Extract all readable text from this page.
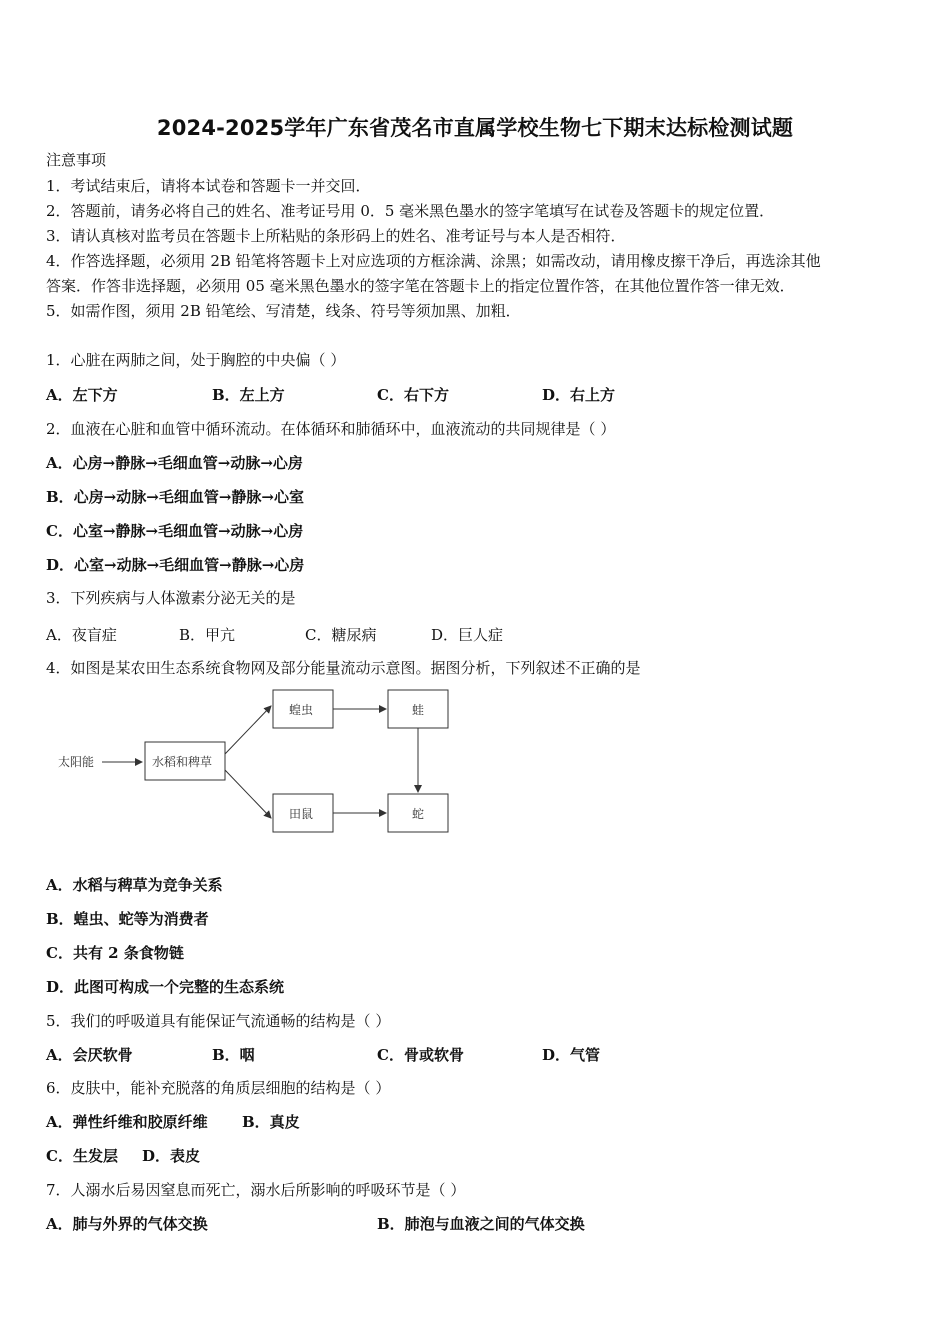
2024-2025学年广东省茂名市直属学校生物七下期末达标检测试题
注意事项
1．考试结束后，请将本试卷和答题卡一并交回．
2．答题前，请务必将自己的姓名、准考证号用 0．5 毫米黑色墨水的签字笔填写在试卷及答题卡的规定位置．
3．请认真核对监考员在答题卡上所粘贴的条形码上的姓名、准考证号与本人是否相符．
4．作答选择题，必须用 2B 铅笔将答题卡上对应选项的方框涂满、涂黑；如需改动，请用橡皮擦干净后，再选涂其他
答案．作答非选择题，必须用 05 毫米黑色墨水的签字笔在答题卡上的指定位置作答，在其他位置作答一律无效．
5．如需作图，须用 2B 铅笔绘、写清楚，线条、符号等须加黑、加粗．
1．心脏在两肺之间，处于胸腔的中央偏（ ）
A．左下方	B．左上方	C．右下方	D．右上方
2．血液在心脏和血管中循环流动。在体循环和肺循环中，血液流动的共同规律是（ ）
A．心房→静脉→毛细血管→动脉→心房
B．心房→动脉→毛细血管→静脉→心室
C．心室→静脉→毛细血管→动脉→心房
D．心室→动脉→毛细血管→静脉→心房
3．下列疾病与人体激素分泌无关的是
A．夜盲症	B．甲亢	C．糖尿病	D．巨人症
4．如图是某农田生态系统食物网及部分能量流动示意图。据图分析，下列叙述不正确的是
太阳能	水稻和稗草
蝗虫	蛙
田鼠	蛇
A．水稻与稗草为竞争关系
B．蝗虫、蛇等为消费者
C．共有 2 条食物链
D．此图可构成一个完整的生态系统
5．我们的呼吸道具有能保证气流通畅的结构是（ ）
A．会厌软骨	B．咽	C．骨或软骨	D．气管
6．皮肤中，能补充脱落的角质层细胞的结构是（ ）
A．弹性纤维和胶原纤维 B．真皮
C．生发层 D．表皮
7．人溺水后易因窒息而死亡，溺水后所影响的呼吸环节是（ ）
A．肺与外界的气体交换	B．肺泡与血液之间的气体交换
